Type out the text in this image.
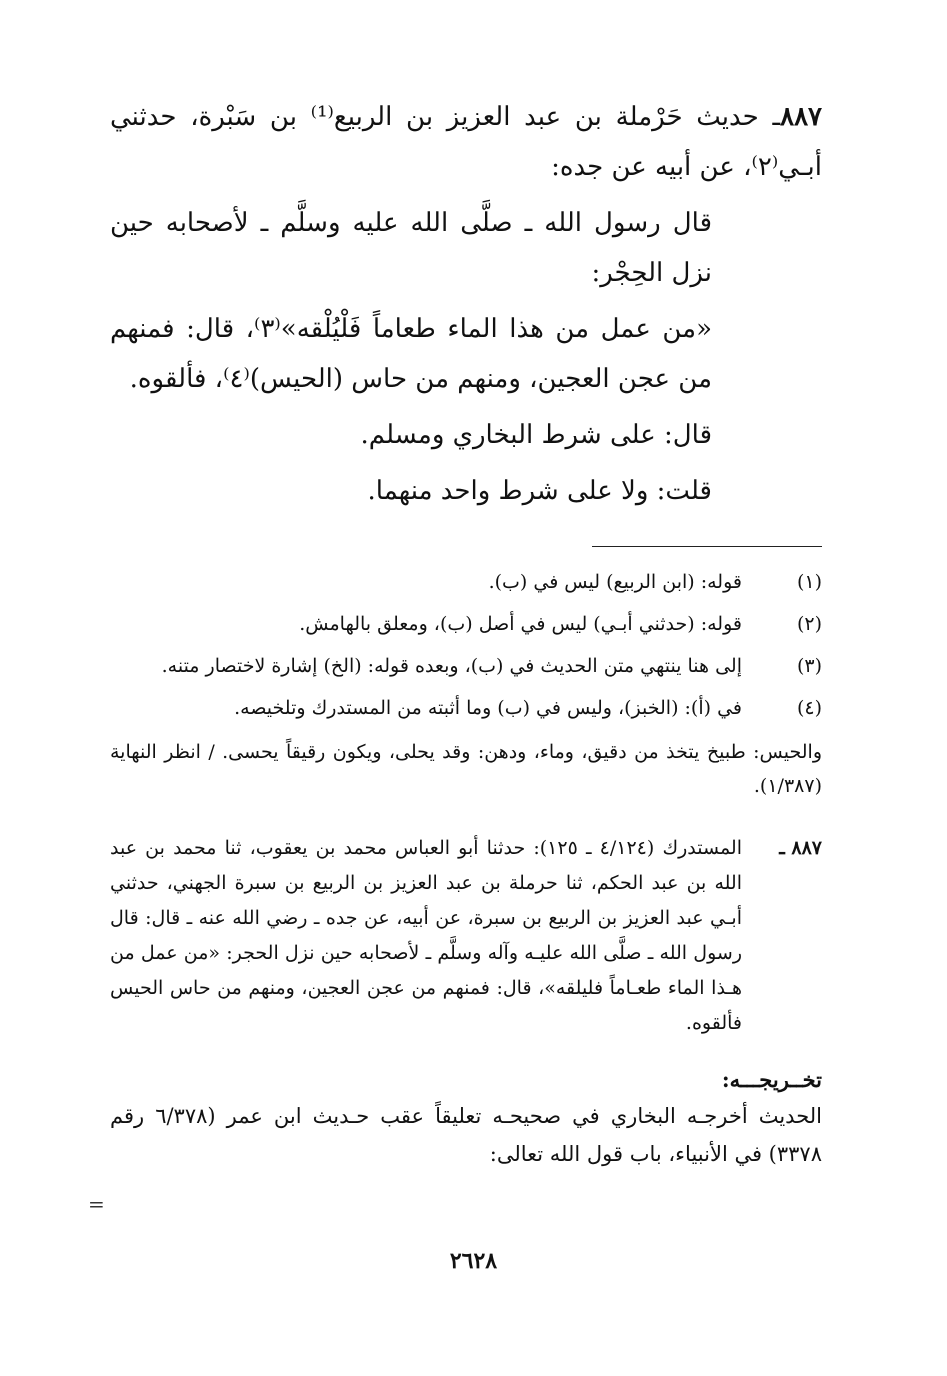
٨٨٧ـ حديث حَرْملة بن عبد العزيز بن الربيع⁽¹⁾ بن سَبْرة، حدثني أبـي⁽٢⁾، عن أبيه عن جده:

قال رسول الله ـ صلَّى الله عليه وسلَّم ـ لأصحابه حين نزل الحِجْر:

«من عمل من هذا الماء طعاماً فَلْيُلْقه»⁽٣⁾، قال: فمنهم من عجن العجين، ومنهم من حاس (الحيس)⁽٤⁾، فألقوه.

قال: على شرط البخاري ومسلم.

قلت: ولا على شرط واحد منهما.

(١)
قوله: (ابن الربيع) ليس في (ب).
(٢)
قوله: (حدثني أبـي) ليس في أصل (ب)، ومعلق بالهامش.
(٣)
إلى هنا ينتهي متن الحديث في (ب)، وبعده قوله: (الخ) إشارة لاختصار متنه.
(٤)
في (أ): (الخبز)، وليس في (ب) وما أثبته من المستدرك وتلخيصه.
والحيس: طبيخ يتخذ من دقيق، وماء، ودهن: وقد يحلى، ويكون رقيقاً يحسى. / انظر النهاية (١/٣٨٧).
٨٨٧ ـ
المستدرك (٤/١٢٤ ـ ١٢٥): حدثنا أبو العباس محمد بن يعقوب، ثنا محمد بن عبد الله بن عبد الحكم، ثنا حرملة بن عبد العزيز بن الربيع بن سبرة الجهني، حدثني أبـي عبد العزيز بن الربيع بن سبرة، عن أبيه، عن جده ـ رضي الله عنه ـ قال: قال رسول الله ـ صلَّى الله عليـه وآله وسلَّم ـ لأصحابه حين نزل الحجر: «من عمل من هـذا الماء طعـاماً فليلقه»، قال: فمنهم من عجن العجين، ومنهم من حاس الحيس فألقوه.
تخــريجـــه:
الحديث أخرجـه البخاري في صحيحـه تعليقاً عقب حـديث ابن عمر (٦/٣٧٨ رقم ٣٣٧٨) في الأنبياء، باب قول الله تعالى:
=
٢٦٢٨
